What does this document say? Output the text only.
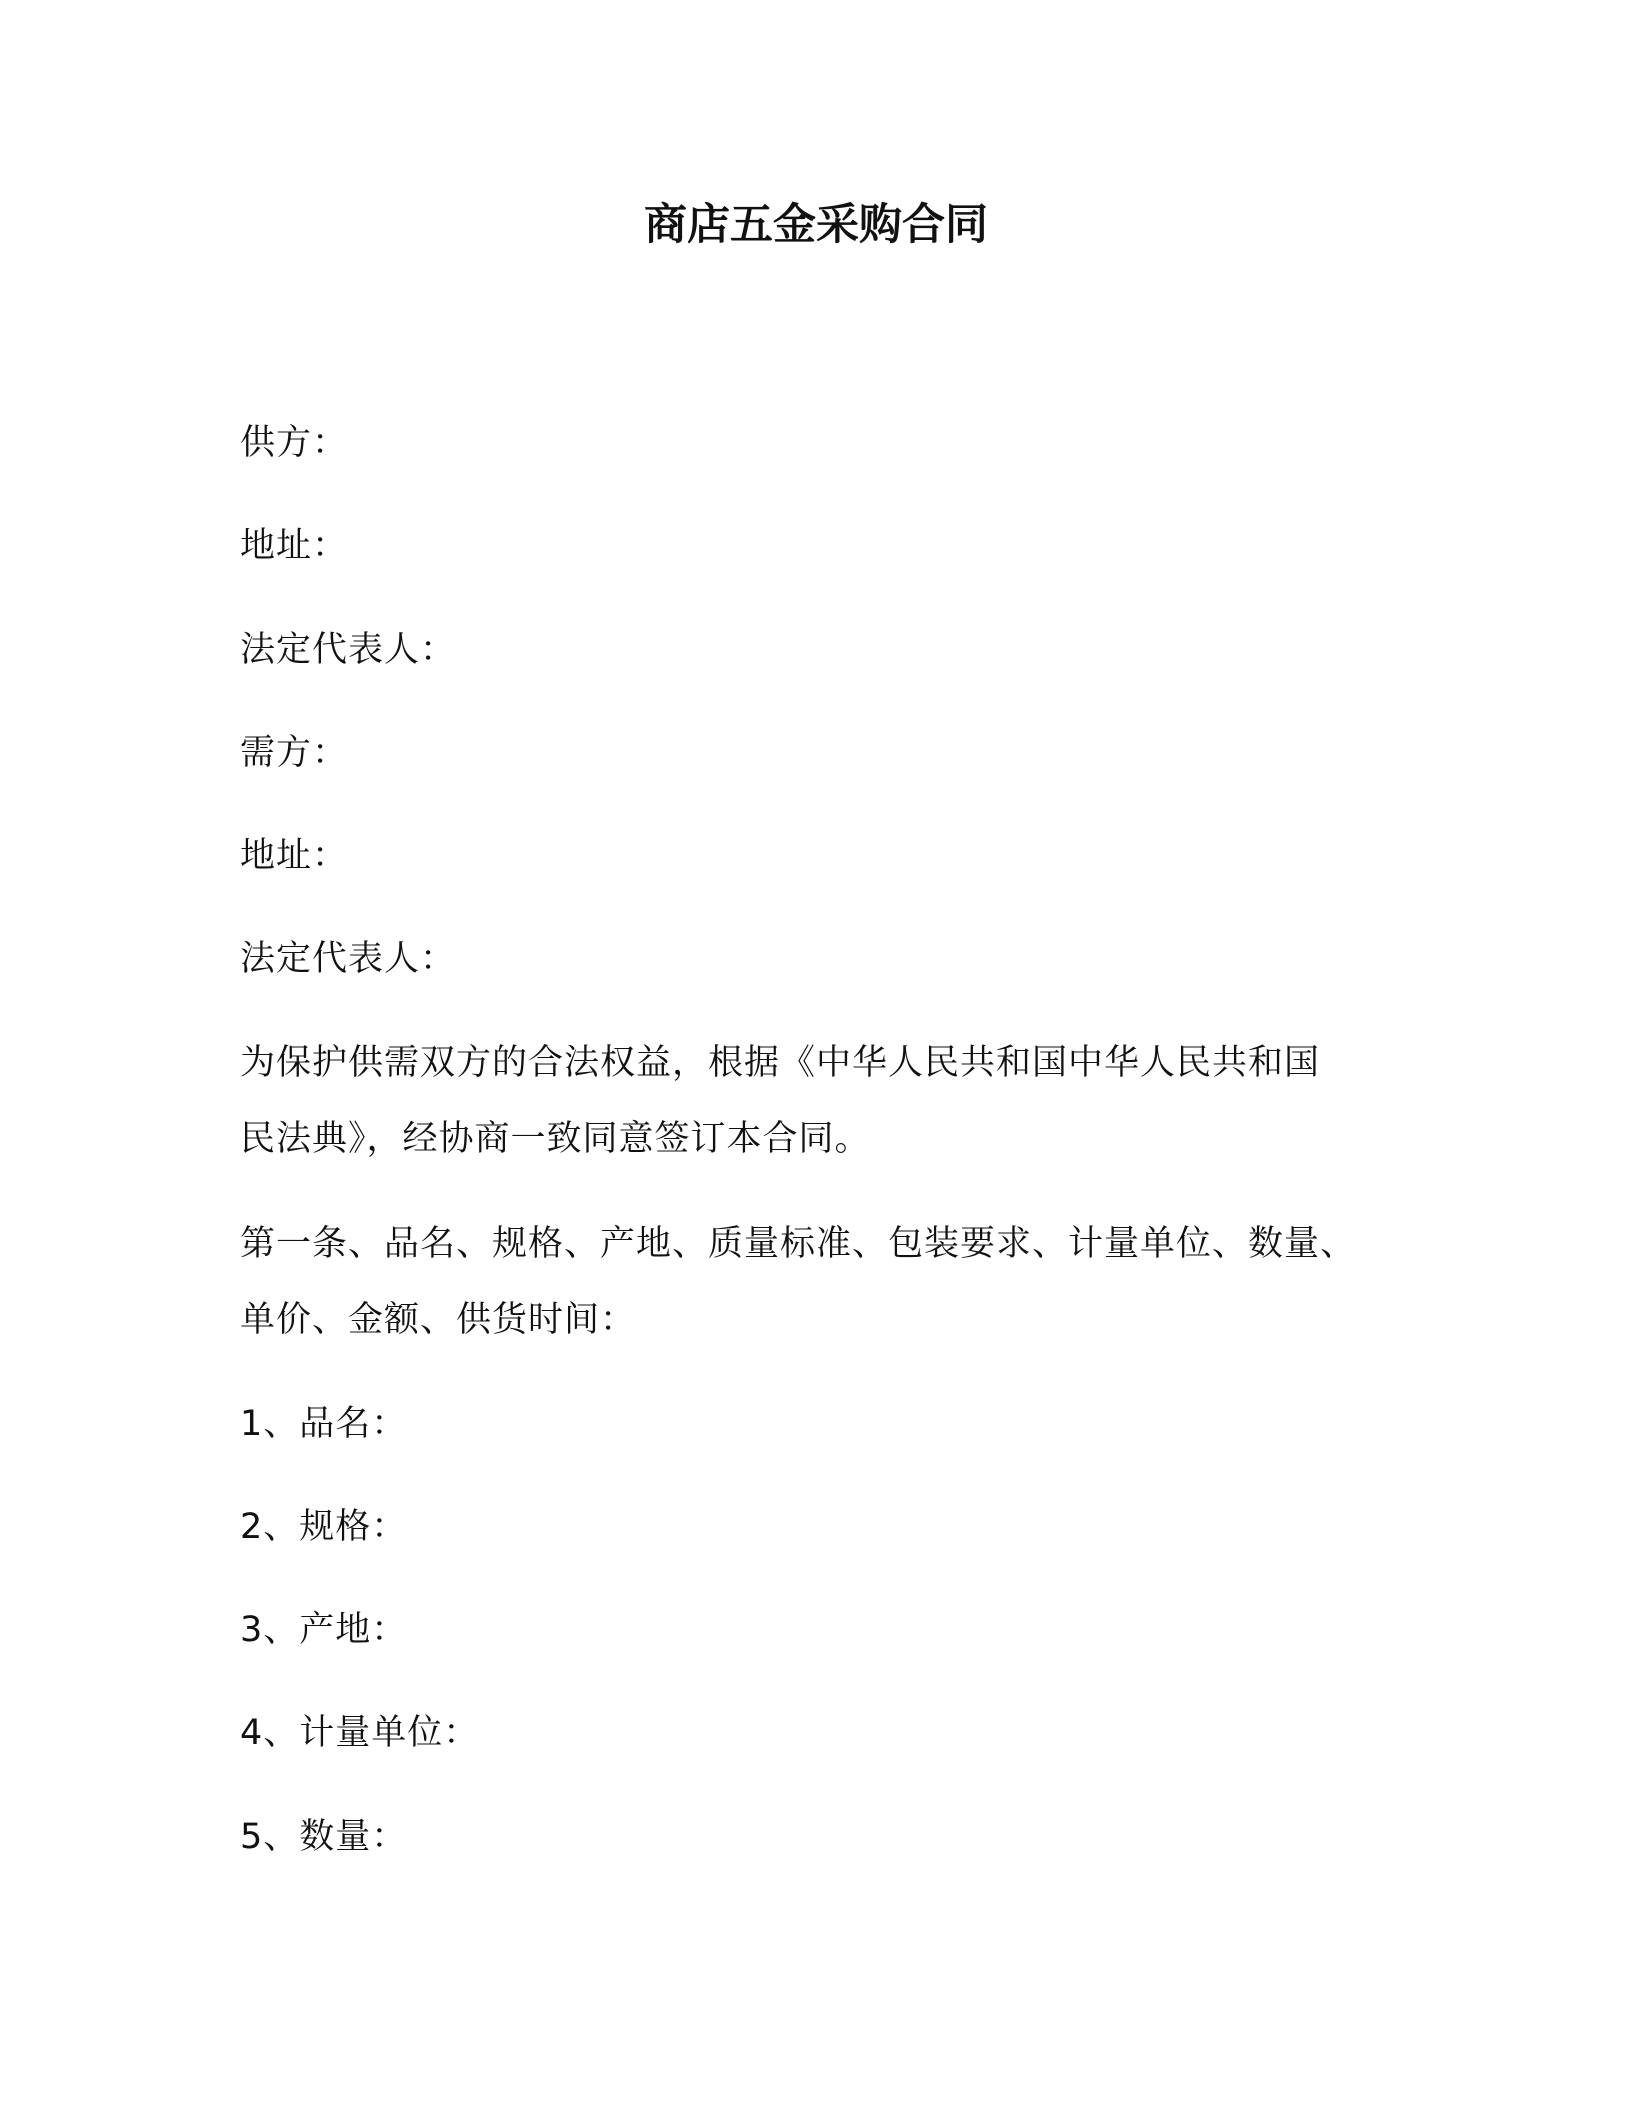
商店五金采购合同
供方：
地址：
法定代表人：
需方：
地址：
法定代表人：
为保护供需双方的合法权益，根据《中华人民共和国中华人民共和国
民法典》，经协商一致同意签订本合同。
第一条、品名、规格、产地、质量标准、包装要求、计量单位、数量、
单价、金额、供货时间：
1、品名：
2、规格：
3、产地：
4、计量单位：
5、数量：
